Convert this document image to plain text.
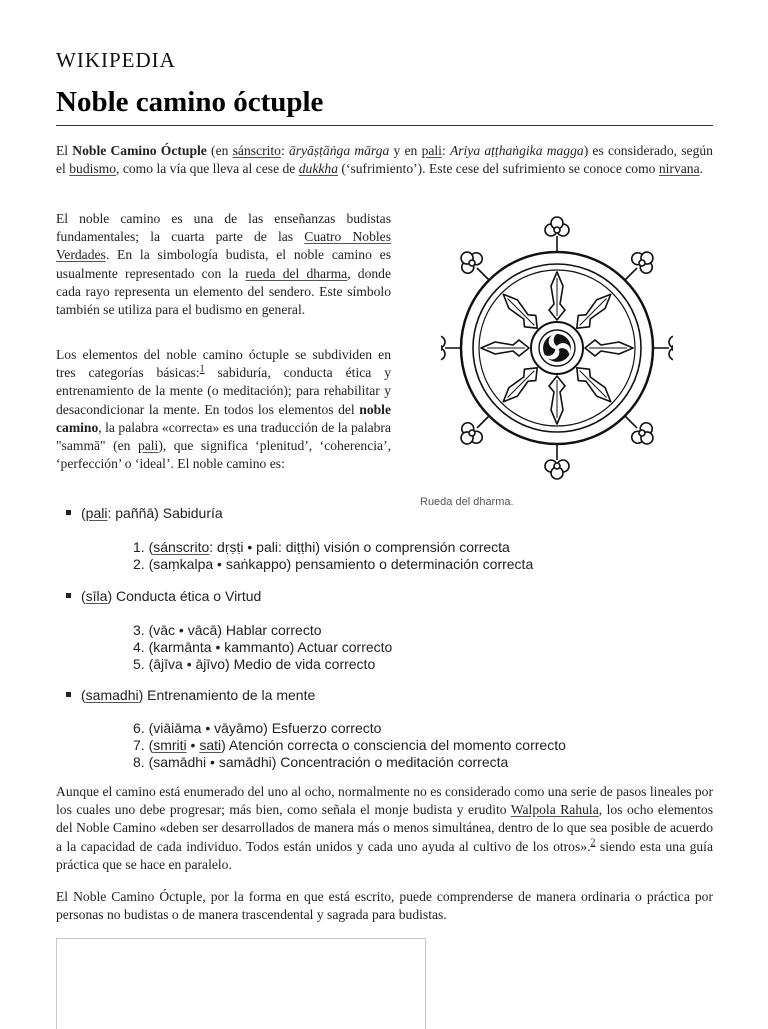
WIKIPEDIA
Noble camino óctuple

El Noble Camino Óctuple (en sánscrito: āryāṣṭāṅga mārga y en pali: Ariya aṭṭhaṅgika magga) es considerado, según el budismo, como la vía que lleva al cese de dukkha (‘sufrimiento’). Este cese del sufrimiento se conoce como nirvana.

El noble camino es una de las enseñanzas budistas fundamentales; la cuarta parte de las Cuatro Nobles Verdades. En la simbología budista, el noble camino es usualmente representado con la rueda del dharma, donde cada rayo representa un elemento del sendero. Este símbolo también se utiliza para el budismo en general.

Los elementos del noble camino óctuple se subdividen en tres categorías básicas:$^1$ sabiduría, conducta ética y entrenamiento de la mente (o meditación); para rehabilitar y desacondicionar la mente. En todos los elementos del noble camino, la palabra «correcta» es una traducción de la palabra "sammā" (en pali), que significa ‘plenitud’, ‘coherencia’, ‘perfección’ o ‘ideal’. El noble camino es:

Rueda del dharma.
(pali: paññā) Sabiduría
1. (sánscrito: dṛṣṭi • pali: diṭṭhi) visión o comprensión correcta
2. (saṃkalpa • saṅkappo) pensamiento o determinación correcta
(sīla) Conducta ética o Virtud
3. (vāc • vācā) Hablar correcto
4. (karmānta • kammanto) Actuar correcto
5. (ājīva • ājīvo) Medio de vida correcto
(samadhi) Entrenamiento de la mente
6. (viāiāma • vāyāmo) Esfuerzo correcto
7. (smriti • sati) Atención correcta o consciencia del momento correcto
8. (samādhi • samādhi) Concentración o meditación correcta

Aunque el camino está enumerado del uno al ocho, normalmente no es considerado como una serie de pasos lineales por los cuales uno debe progresar; más bien, como señala el monje budista y erudito Walpola Rahula, los ocho elementos del Noble Camino «deben ser desarrollados de manera más o menos simultánea, dentro de lo que sea posible de acuerdo a la capacidad de cada individuo. Todos están unidos y cada uno ayuda al cultivo de los otros».$^2$ siendo esta una guía práctica que se hace en paralelo.

El Noble Camino Óctuple, por la forma en que está escrito, puede comprenderse de manera ordinaria o práctica por personas no budistas o de manera trascendental y sagrada para budistas.
